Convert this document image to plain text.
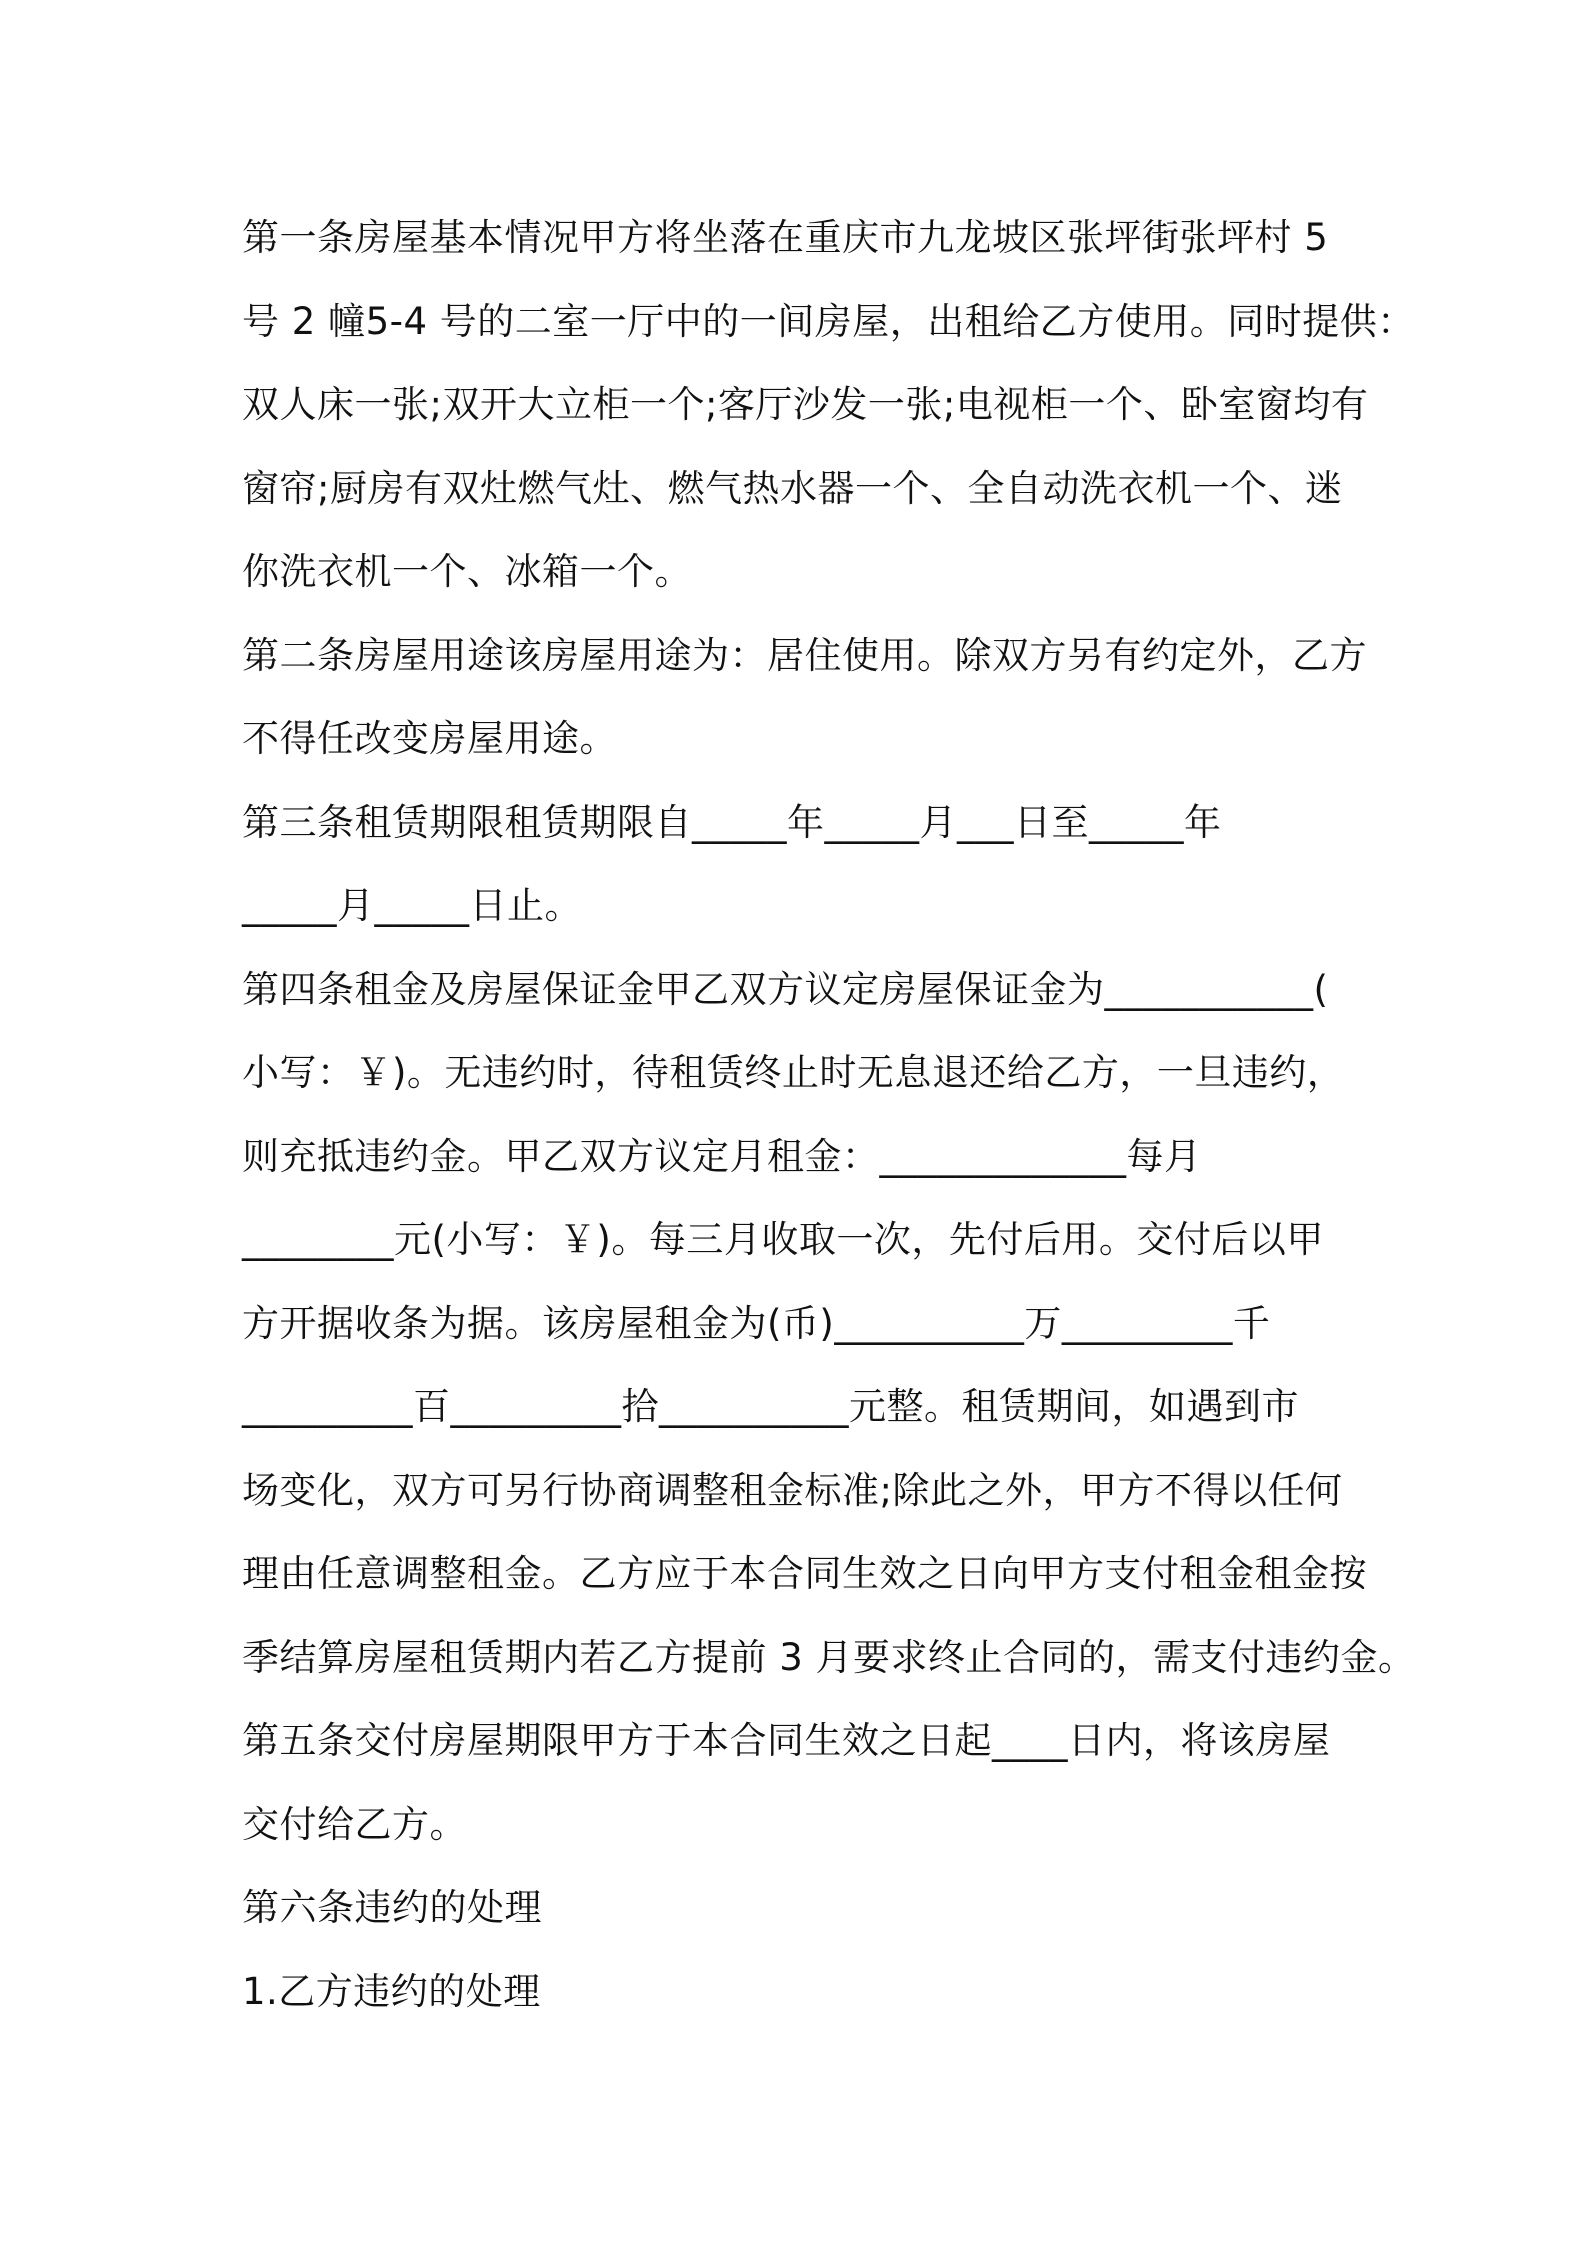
第一条房屋基本情况甲方将坐落在重庆市九龙坡区张坪街张坪村 5
号 2 幢5-4 号的二室一厅中的一间房屋，出租给乙方使用。同时提供：
双人床一张;双开大立柜一个;客厅沙发一张;电视柜一个、卧室窗均有
窗帘;厨房有双灶燃气灶、燃气热水器一个、全自动洗衣机一个、迷
你洗衣机一个、冰箱一个。
第二条房屋用途该房屋用途为：居住使用。除双方另有约定外，乙方
不得任改变房屋用途。
第三条租赁期限租赁期限自_____年_____月___日至_____年
_____月_____日止。
第四条租金及房屋保证金甲乙双方议定房屋保证金为___________(
小写：￥)。无违约时，待租赁终止时无息退还给乙方，一旦违约，
则充抵违约金。甲乙双方议定月租金：_____________每月
________元(小写：￥)。每三月收取一次，先付后用。交付后以甲
方开据收条为据。该房屋租金为(币)__________万_________千
_________百_________拾__________元整。租赁期间，如遇到市
场变化，双方可另行协商调整租金标准;除此之外，甲方不得以任何
理由任意调整租金。乙方应于本合同生效之日向甲方支付租金租金按
季结算房屋租赁期内若乙方提前 3 月要求终止合同的，需支付违约金。
第五条交付房屋期限甲方于本合同生效之日起____日内，将该房屋
交付给乙方。
第六条违约的处理
1.乙方违约的处理
